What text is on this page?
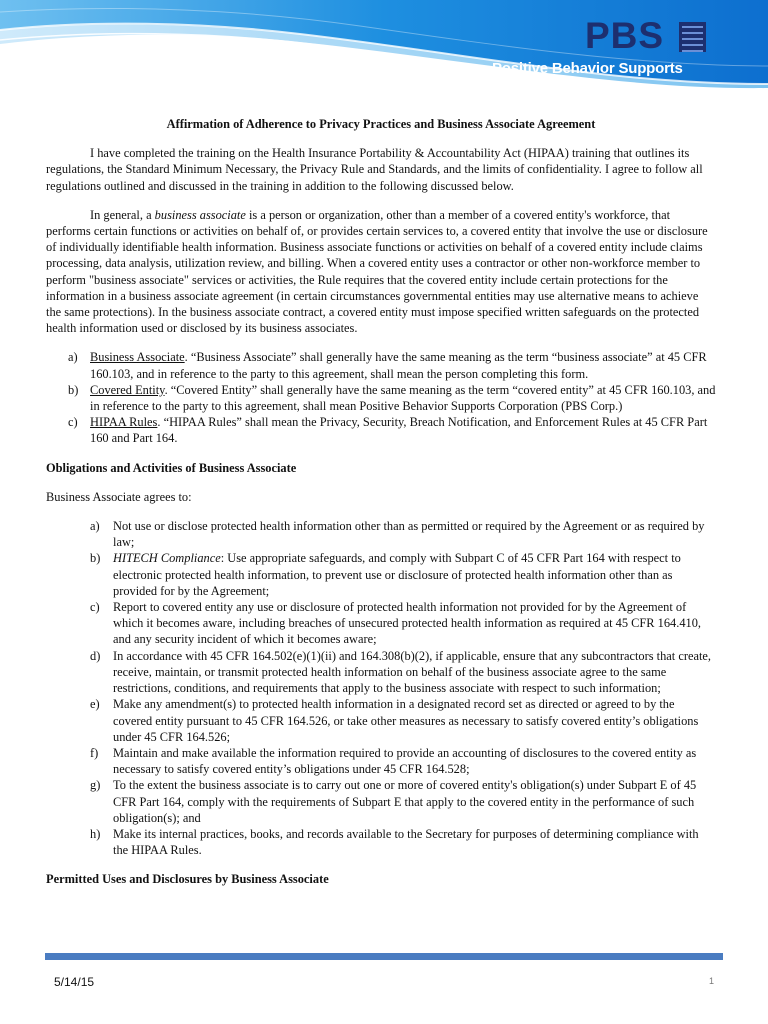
PBS
Positive Behavior Supports Corporation
Affirmation of Adherence to Privacy Practices and Business Associate Agreement

I have completed the training on the Health Insurance Portability & Accountability Act (HIPAA) training that outlines its regulations, the Standard Minimum Necessary, the Privacy Rule and Standards, and the limits of confidentiality. I agree to follow all regulations outlined and discussed in the training in addition to the following discussed below.

In general, a business associate is a person or organization, other than a member of a covered entity's workforce, that performs certain functions or activities on behalf of, or provides certain services to, a covered entity that involve the use or disclosure of individually identifiable health information. Business associate functions or activities on behalf of a covered entity include claims processing, data analysis, utilization review, and billing. When a covered entity uses a contractor or other non-workforce member to perform "business associate" services or activities, the Rule requires that the covered entity include certain protections for the information in a business associate agreement (in certain circumstances governmental entities may use alternative means to achieve the same protections). In the business associate contract, a covered entity must impose specified written safeguards on the protected health information used or disclosed by its business associates.

a) Business Associate. “Business Associate” shall generally have the same meaning as the term “business associate” at 45 CFR 160.103, and in reference to the party to this agreement, shall mean the person completing this form.
b) Covered Entity. “Covered Entity” shall generally have the same meaning as the term “covered entity” at 45 CFR 160.103, and in reference to the party to this agreement, shall mean Positive Behavior Supports Corporation (PBS Corp.)
c) HIPAA Rules. “HIPAA Rules” shall mean the Privacy, Security, Breach Notification, and Enforcement Rules at 45 CFR Part 160 and Part 164.
Obligations and Activities of Business Associate

Business Associate agrees to:

a)	Not use or disclose protected health information other than as permitted or required by the Agreement or as required by law;
b)	HITECH Compliance: Use appropriate safeguards, and comply with Subpart C of 45 CFR Part 164 with respect to electronic protected health information, to prevent use or disclosure of protected health information other than as provided for by the Agreement;
c)	Report to covered entity any use or disclosure of protected health information not provided for by the Agreement of which it becomes aware, including breaches of unsecured protected health information as required at 45 CFR 164.410, and any security incident of which it becomes aware;
d)	In accordance with 45 CFR 164.502(e)(1)(ii) and 164.308(b)(2), if applicable, ensure that any subcontractors that create, receive, maintain, or transmit protected health information on behalf of the business associate agree to the same restrictions, conditions, and requirements that apply to the business associate with respect to such information;
e)	Make any amendment(s) to protected health information in a designated record set as directed or agreed to by the covered entity pursuant to 45 CFR 164.526, or take other measures as necessary to satisfy covered entity’s obligations under 45 CFR 164.526;
f)	Maintain and make available the information required to provide an accounting of disclosures to the covered entity as necessary to satisfy covered entity’s obligations under 45 CFR 164.528;
g)	To the extent the business associate is to carry out one or more of covered entity's obligation(s) under Subpart E of 45 CFR Part 164, comply with the requirements of Subpart E that apply to the covered entity in the performance of such obligation(s); and
h)	Make its internal practices, books, and records available to the Secretary for purposes of determining compliance with the HIPAA Rules.
Permitted Uses and Disclosures by Business Associate
5/14/15	1
